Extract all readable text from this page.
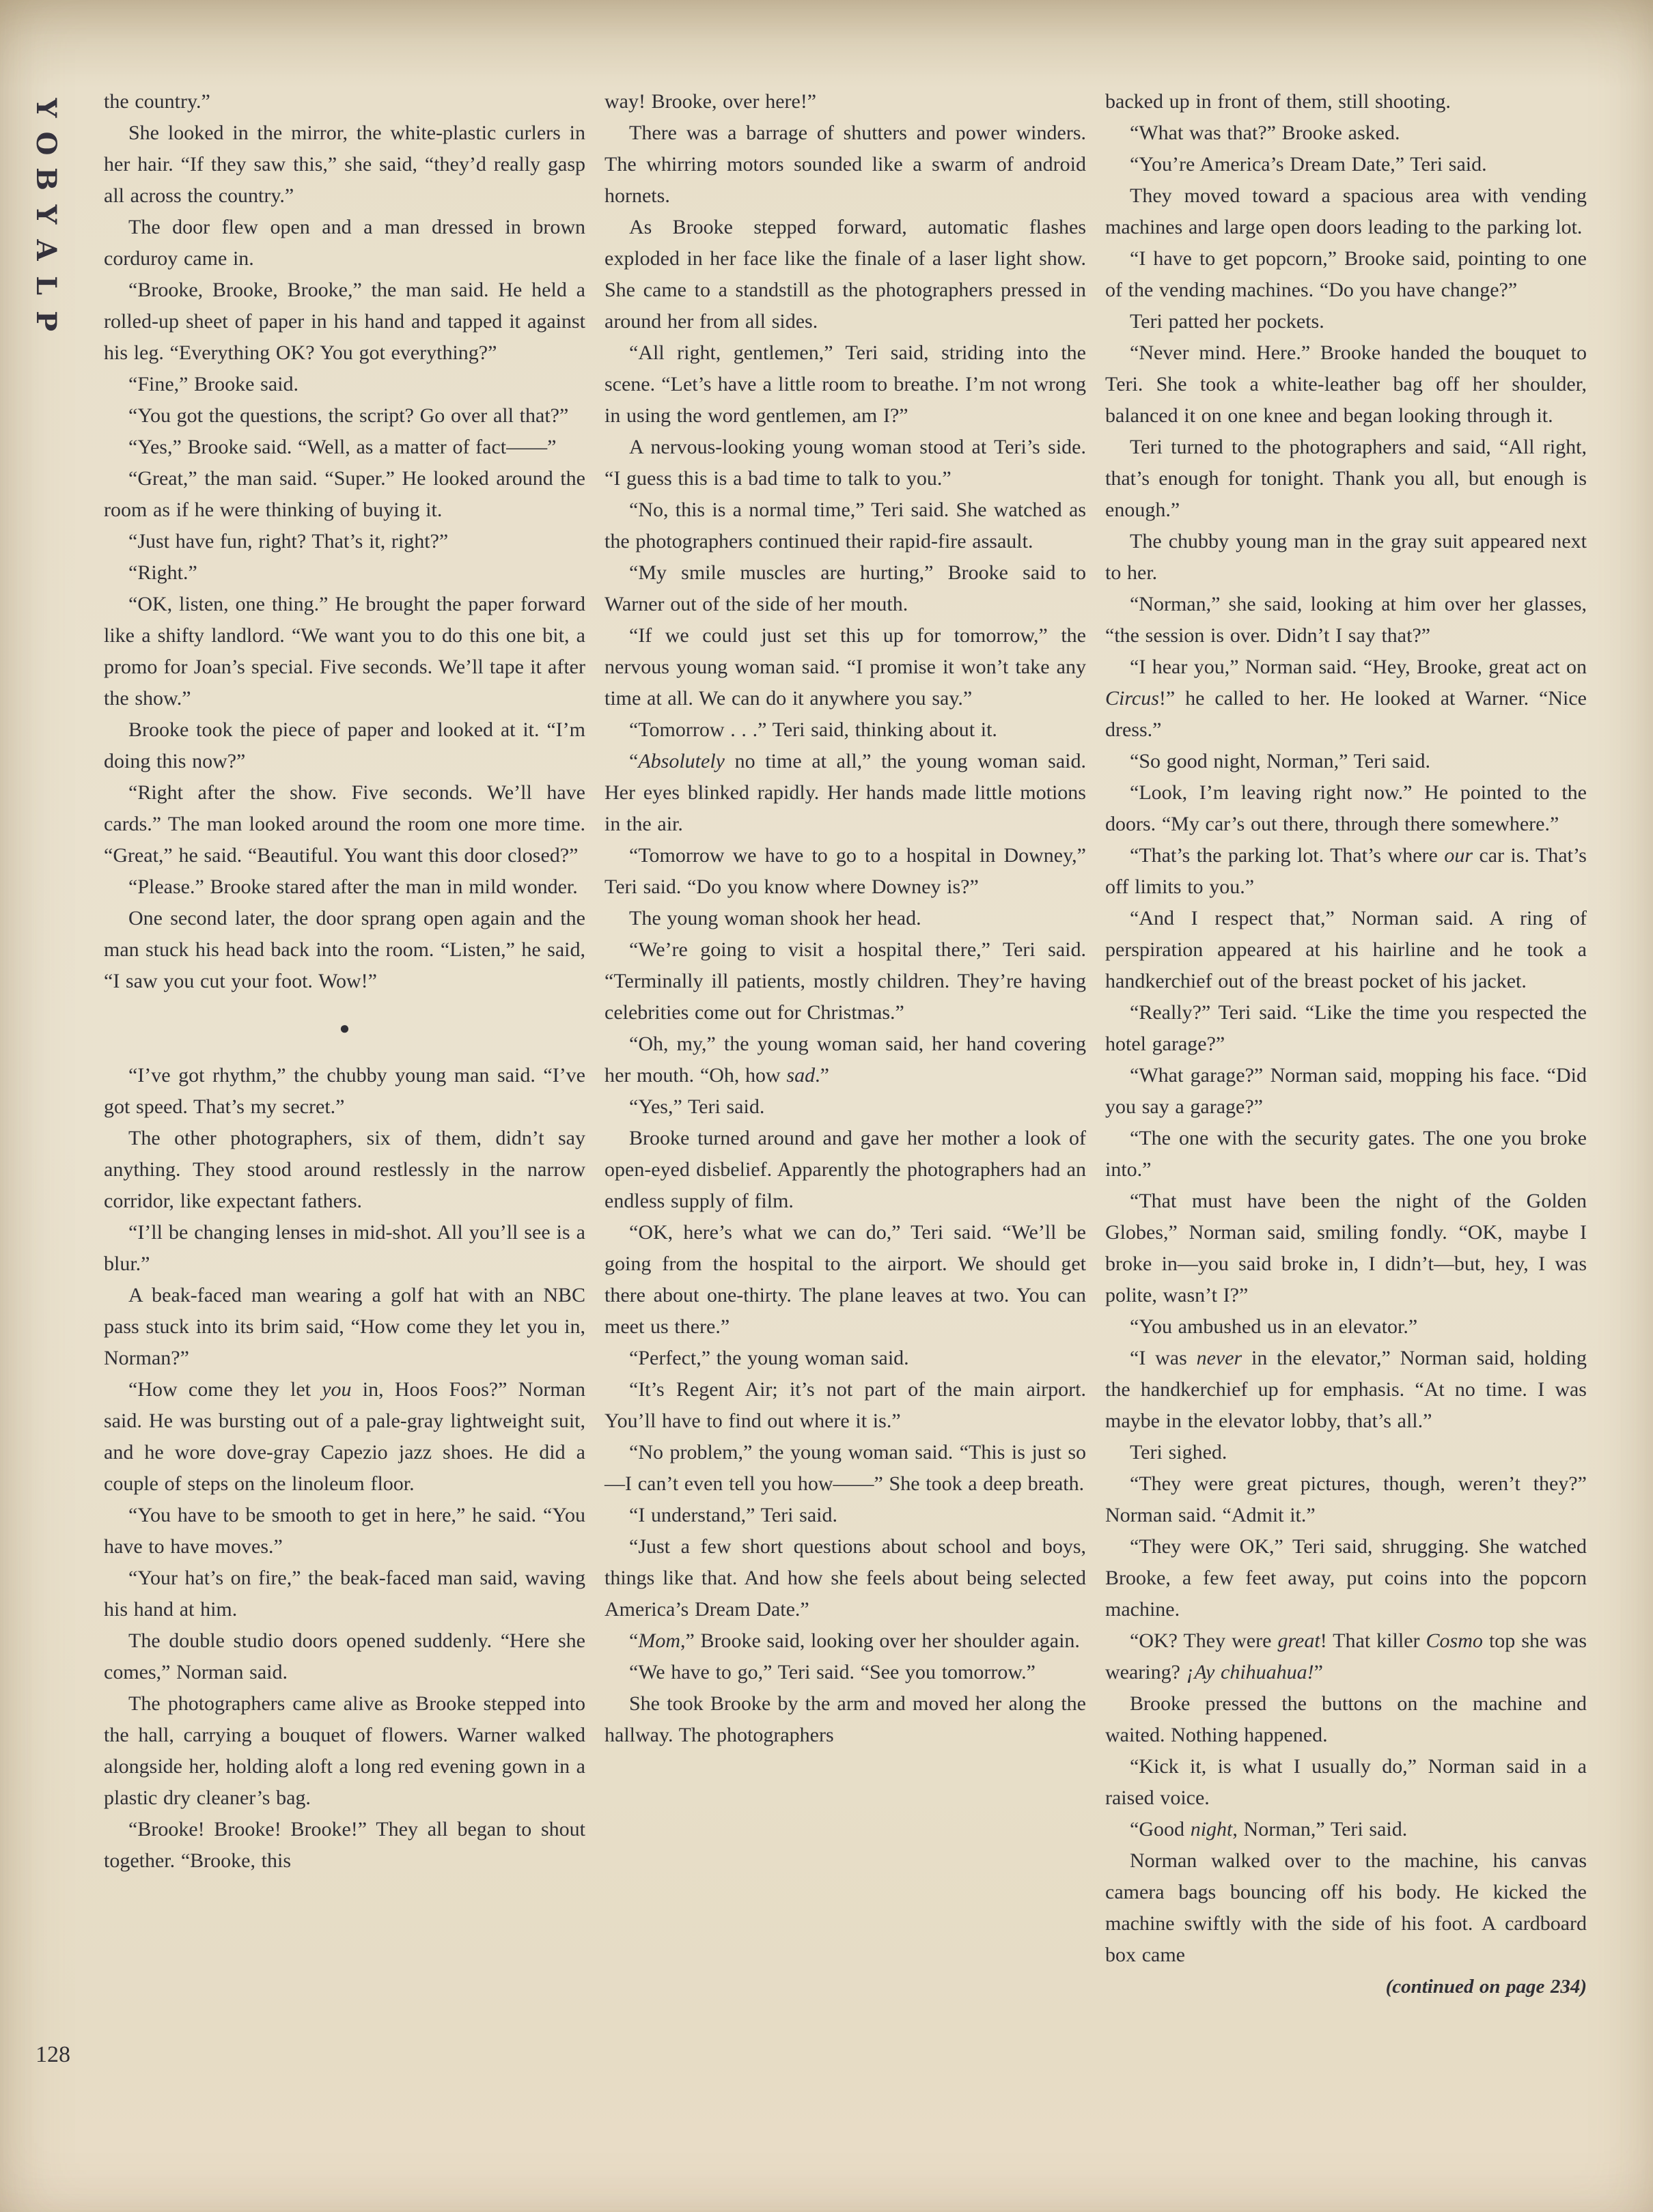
Y
O
B
Y
A
L
P

the country.”

She looked in the mirror, the white-plastic curlers in her hair. “If they saw this,” she said, “they’d really gasp all across the country.”

The door flew open and a man dressed in brown corduroy came in.

“Brooke, Brooke, Brooke,” the man said. He held a rolled-up sheet of paper in his hand and tapped it against his leg. “Everything OK? You got everything?”

“Fine,” Brooke said.

“You got the questions, the script? Go over all that?”

“Yes,” Brooke said. “Well, as a matter of fact——”

“Great,” the man said. “Super.” He looked around the room as if he were thinking of buying it.

“Just have fun, right? That’s it, right?”

“Right.”

“OK, listen, one thing.” He brought the paper forward like a shifty landlord. “We want you to do this one bit, a promo for Joan’s special. Five seconds. We’ll tape it after the show.”

Brooke took the piece of paper and looked at it. “I’m doing this now?”

“Right after the show. Five seconds. We’ll have cards.” The man looked around the room one more time. “Great,” he said. “Beautiful. You want this door closed?”

“Please.” Brooke stared after the man in mild wonder.

One second later, the door sprang open again and the man stuck his head back into the room. “Listen,” he said, “I saw you cut your foot. Wow!”

●

“I’ve got rhythm,” the chubby young man said. “I’ve got speed. That’s my secret.”

The other photographers, six of them, didn’t say anything. They stood around restlessly in the narrow corridor, like expectant fathers.

“I’ll be changing lenses in mid-shot. All you’ll see is a blur.”

A beak-faced man wearing a golf hat with an NBC pass stuck into its brim said, “How come they let you in, Norman?”

“How come they let you in, Hoos Foos?” Norman said. He was bursting out of a pale-gray lightweight suit, and he wore dove-gray Capezio jazz shoes. He did a couple of steps on the linoleum floor.

“You have to be smooth to get in here,” he said. “You have to have moves.”

“Your hat’s on fire,” the beak-faced man said, waving his hand at him.

The double studio doors opened suddenly. “Here she comes,” Norman said.

The photographers came alive as Brooke stepped into the hall, carrying a bouquet of flowers. Warner walked alongside her, holding aloft a long red evening gown in a plastic dry cleaner’s bag.

“Brooke! Brooke! Brooke!” They all began to shout together. “Brooke, this

way! Brooke, over here!”

There was a barrage of shutters and power winders. The whirring motors sounded like a swarm of android hornets.

As Brooke stepped forward, automatic flashes exploded in her face like the finale of a laser light show. She came to a standstill as the photographers pressed in around her from all sides.

“All right, gentlemen,” Teri said, striding into the scene. “Let’s have a little room to breathe. I’m not wrong in using the word gentlemen, am I?”

A nervous-looking young woman stood at Teri’s side. “I guess this is a bad time to talk to you.”

“No, this is a normal time,” Teri said. She watched as the photographers continued their rapid-fire assault.

“My smile muscles are hurting,” Brooke said to Warner out of the side of her mouth.

“If we could just set this up for tomorrow,” the nervous young woman said. “I promise it won’t take any time at all. We can do it anywhere you say.”

“Tomorrow . . .” Teri said, thinking about it.

“Absolutely no time at all,” the young woman said. Her eyes blinked rapidly. Her hands made little motions in the air.

“Tomorrow we have to go to a hospital in Downey,” Teri said. “Do you know where Downey is?”

The young woman shook her head.

“We’re going to visit a hospital there,” Teri said. “Terminally ill patients, mostly children. They’re having celebrities come out for Christmas.”

“Oh, my,” the young woman said, her hand covering her mouth. “Oh, how sad.”

“Yes,” Teri said.

Brooke turned around and gave her mother a look of open-eyed disbelief. Apparently the photographers had an endless supply of film.

“OK, here’s what we can do,” Teri said. “We’ll be going from the hospital to the airport. We should get there about one-thirty. The plane leaves at two. You can meet us there.”

“Perfect,” the young woman said.

“It’s Regent Air; it’s not part of the main airport. You’ll have to find out where it is.”

“No problem,” the young woman said. “This is just so—I can’t even tell you how——” She took a deep breath.

“I understand,” Teri said.

“Just a few short questions about school and boys, things like that. And how she feels about being selected America’s Dream Date.”

“Mom,” Brooke said, looking over her shoulder again.

“We have to go,” Teri said. “See you tomorrow.”

She took Brooke by the arm and moved her along the hallway. The photographers

backed up in front of them, still shooting.

“What was that?” Brooke asked.

“You’re America’s Dream Date,” Teri said.

They moved toward a spacious area with vending machines and large open doors leading to the parking lot.

“I have to get popcorn,” Brooke said, pointing to one of the vending machines. “Do you have change?”

Teri patted her pockets.

“Never mind. Here.” Brooke handed the bouquet to Teri. She took a white-leather bag off her shoulder, balanced it on one knee and began looking through it.

Teri turned to the photographers and said, “All right, that’s enough for tonight. Thank you all, but enough is enough.”

The chubby young man in the gray suit appeared next to her.

“Norman,” she said, looking at him over her glasses, “the session is over. Didn’t I say that?”

“I hear you,” Norman said. “Hey, Brooke, great act on Circus!” he called to her. He looked at Warner. “Nice dress.”

“So good night, Norman,” Teri said.

“Look, I’m leaving right now.” He pointed to the doors. “My car’s out there, through there somewhere.”

“That’s the parking lot. That’s where our car is. That’s off limits to you.”

“And I respect that,” Norman said. A ring of perspiration appeared at his hairline and he took a handkerchief out of the breast pocket of his jacket.

“Really?” Teri said. “Like the time you respected the hotel garage?”

“What garage?” Norman said, mopping his face. “Did you say a garage?”

“The one with the security gates. The one you broke into.”

“That must have been the night of the Golden Globes,” Norman said, smiling fondly. “OK, maybe I broke in—you said broke in, I didn’t—but, hey, I was polite, wasn’t I?”

“You ambushed us in an elevator.”

“I was never in the elevator,” Norman said, holding the handkerchief up for emphasis. “At no time. I was maybe in the elevator lobby, that’s all.”

Teri sighed.

“They were great pictures, though, weren’t they?” Norman said. “Admit it.”

“They were OK,” Teri said, shrugging. She watched Brooke, a few feet away, put coins into the popcorn machine.

“OK? They were great! That killer Cosmo top she was wearing? ¡Ay chihuahua!”

Brooke pressed the buttons on the machine and waited. Nothing happened.

“Kick it, is what I usually do,” Norman said in a raised voice.

“Good night, Norman,” Teri said.

Norman walked over to the machine, his canvas camera bags bouncing off his body. He kicked the machine swiftly with the side of his foot. A cardboard box came

(continued on page 234)

128
